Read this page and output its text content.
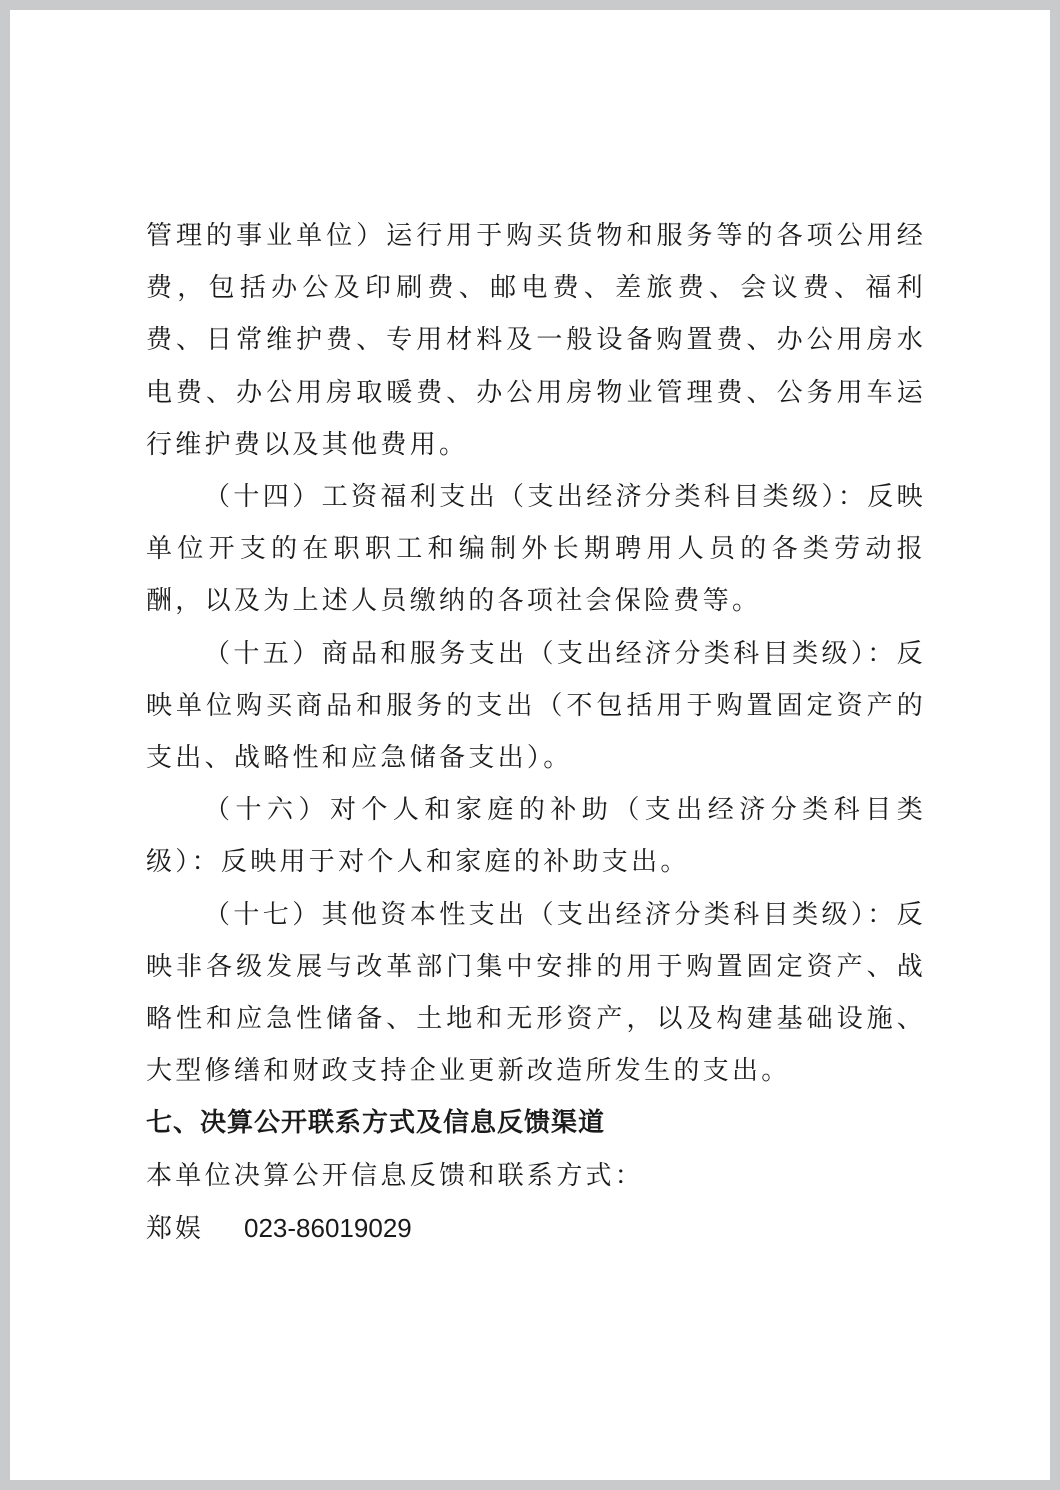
管理的事业单位）运行用于购买货物和服务等的各项公用经费，包括办公及印刷费、邮电费、差旅费、会议费、福利费、日常维护费、专用材料及一般设备购置费、办公用房水电费、办公用房取暖费、办公用房物业管理费、公务用车运行维护费以及其他费用。

（十四）工资福利支出（支出经济分类科目类级）：反映单位开支的在职职工和编制外长期聘用人员的各类劳动报酬，以及为上述人员缴纳的各项社会保险费等。

（十五）商品和服务支出（支出经济分类科目类级）：反映单位购买商品和服务的支出（不包括用于购置固定资产的支出、战略性和应急储备支出）。

（十六）对个人和家庭的补助（支出经济分类科目类级）：反映用于对个人和家庭的补助支出。

（十七）其他资本性支出（支出经济分类科目类级）：反映非各级发展与改革部门集中安排的用于购置固定资产、战略性和应急性储备、土地和无形资产，以及构建基础设施、大型修缮和财政支持企业更新改造所发生的支出。

七、决算公开联系方式及信息反馈渠道

本单位决算公开信息反馈和联系方式：

郑娱 023-86019029
